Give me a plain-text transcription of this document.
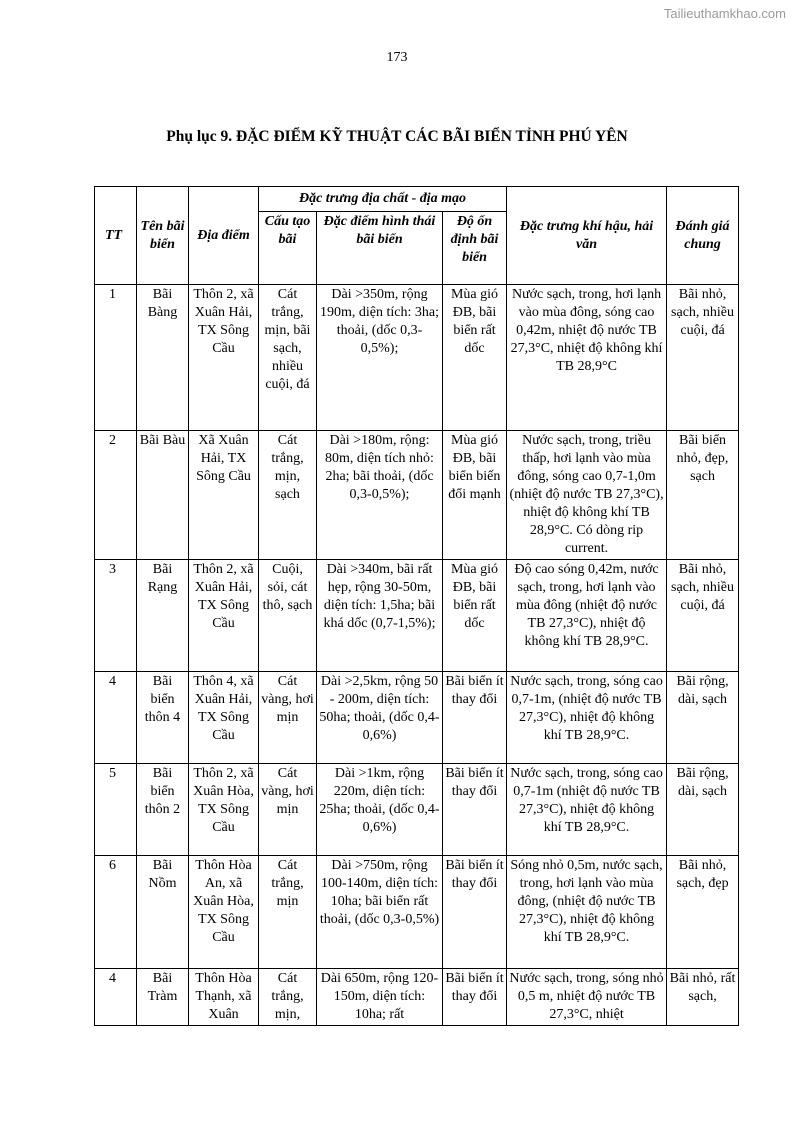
Tailieuthamkhao.com
173
Phụ lục 9. ĐẶC ĐIỂM KỸ THUẬT CÁC BÃI BIỂN TỈNH PHÚ YÊN
TT	Tên bãi biển	Địa điểm	Đặc trưng địa chất - địa mạo			Đặc trưng khí hậu, hải văn	Đánh giá chung
			Cấu tạo bãi	Đặc điểm hình thái bãi biển	Độ ổn định bãi biển		
1	Bãi Bàng	Thôn 2, xã Xuân Hải, TX Sông Cầu	Cát trắng, mịn, bãi sạch, nhiều cuội, đá	Dài >350m, rộng 190m, diện tích: 3ha; thoải, (dốc 0,3-0,5%);	Mùa gió ĐB, bãi biển rất dốc	Nước sạch, trong, hơi lạnh vào mùa đông, sóng cao 0,42m, nhiệt độ nước TB 27,3°C, nhiệt độ không khí TB 28,9°C	Bãi nhỏ, sạch, nhiều cuội, đá
2	Bãi Bàu	Xã Xuân Hải, TX Sông Cầu	Cát trắng, mịn, sạch	Dài >180m, rộng: 80m, diện tích nhỏ: 2ha; bãi thoải, (dốc 0,3-0,5%);	Mùa gió ĐB, bãi biển biến đổi mạnh	Nước sạch, trong, triều thấp, hơi lạnh vào mùa đông, sóng cao 0,7-1,0m (nhiệt độ nước TB 27,3°C), nhiệt độ không khí TB 28,9°C. Có dòng rip current.	Bãi biển nhỏ, đẹp, sạch
3	Bãi Rạng	Thôn 2, xã Xuân Hải, TX Sông Cầu	Cuội, sỏi, cát thô, sạch	Dài >340m, bãi rất hẹp, rộng 30-50m, diện tích: 1,5ha; bãi khá dốc (0,7-1,5%);	Mùa gió ĐB, bãi biển rất dốc	Độ cao sóng 0,42m, nước sạch, trong, hơi lạnh vào mùa đông (nhiệt độ nước TB 27,3°C), nhiệt độ không khí TB 28,9°C.	Bãi nhỏ, sạch, nhiều cuội, đá
4	Bãi biển thôn 4	Thôn 4, xã Xuân Hải, TX Sông Cầu	Cát vàng, hơi mịn	Dài >2,5km, rộng 50 - 200m, diện tích: 50ha; thoải, (dốc 0,4-0,6%)	Bãi biển ít thay đổi	Nước sạch, trong, sóng cao 0,7-1m, (nhiệt độ nước TB 27,3°C), nhiệt độ không khí TB 28,9°C.	Bãi rộng, dài, sạch
5	Bãi biển thôn 2	Thôn 2, xã Xuân Hòa, TX Sông Cầu	Cát vàng, hơi mịn	Dài >1km, rộng 220m, diện tích: 25ha; thoải, (dốc 0,4-0,6%)	Bãi biển ít thay đổi	Nước sạch, trong, sóng cao 0,7-1m (nhiệt độ nước TB 27,3°C), nhiệt độ không khí TB 28,9°C.	Bãi rộng, dài, sạch
6	Bãi Nồm	Thôn Hòa An, xã Xuân Hòa, TX Sông Cầu	Cát trắng, mịn	Dài >750m, rộng 100-140m, diện tích: 10ha; bãi biển rất thoải, (dốc 0,3-0,5%)	Bãi biển ít thay đổi	Sóng nhỏ 0,5m, nước sạch, trong, hơi lạnh vào mùa đông, (nhiệt độ nước TB 27,3°C), nhiệt độ không khí TB 28,9°C.	Bãi nhỏ, sạch, đẹp
4	Bãi Tràm	Thôn Hòa Thạnh, xã Xuân	Cát trắng, mịn,	Dài 650m, rộng 120-150m, diện tích: 10ha; rất	Bãi biển ít thay đổi	Nước sạch, trong, sóng nhỏ 0,5 m, nhiệt độ nước TB 27,3°C, nhiệt	Bãi nhỏ, rất sạch,
